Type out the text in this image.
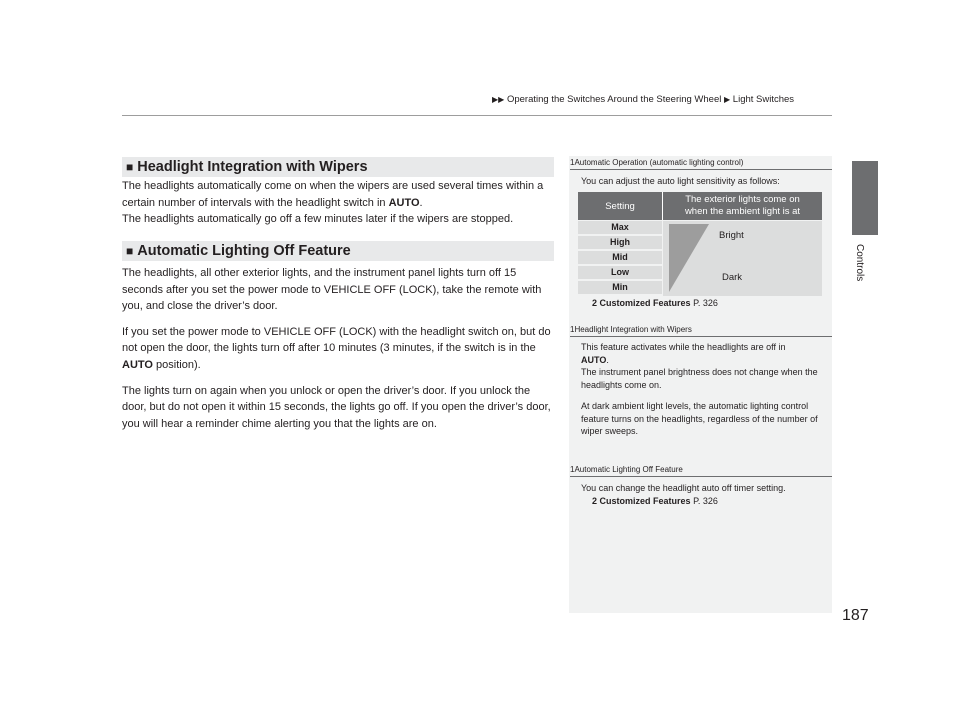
▶▶ Operating the Switches Around the Steering Wheel ▶ Light Switches
Controls
187
■ Headlight Integration with Wipers

The headlights automatically come on when the wipers are used several times within a certain number of intervals with the headlight switch in AUTO.

The headlights automatically go off a few minutes later if the wipers are stopped.

■ Automatic Lighting Off Feature

The headlights, all other exterior lights, and the instrument panel lights turn off 15 seconds after you set the power mode to VEHICLE OFF (LOCK), take the remote with you, and close the driver’s door.

If you set the power mode to VEHICLE OFF (LOCK) with the headlight switch on, but do not open the door, the lights turn off after 10 minutes (3 minutes, if the switch is in the AUTO position).

The lights turn on again when you unlock or open the driver’s door. If you unlock the door, but do not open it within 15 seconds, the lights go off. If you open the driver’s door, you will hear a reminder chime alerting you that the lights are on.

1Automatic Operation (automatic lighting control)
You can adjust the auto light sensitivity as follows:
Setting
The exterior lights come on
when the ambient light is at
Max
High
Mid
Low
Min
Bright
Dark
2 Customized Features P. 326
1Headlight Integration with Wipers

This feature activates while the headlights are off in

AUTO.

The instrument panel brightness does not change when the headlights come on.

At dark ambient light levels, the automatic lighting control feature turns on the headlights, regardless of the number of wiper sweeps.

1Automatic Lighting Off Feature
You can change the headlight auto off timer setting.
2 Customized Features P. 326
